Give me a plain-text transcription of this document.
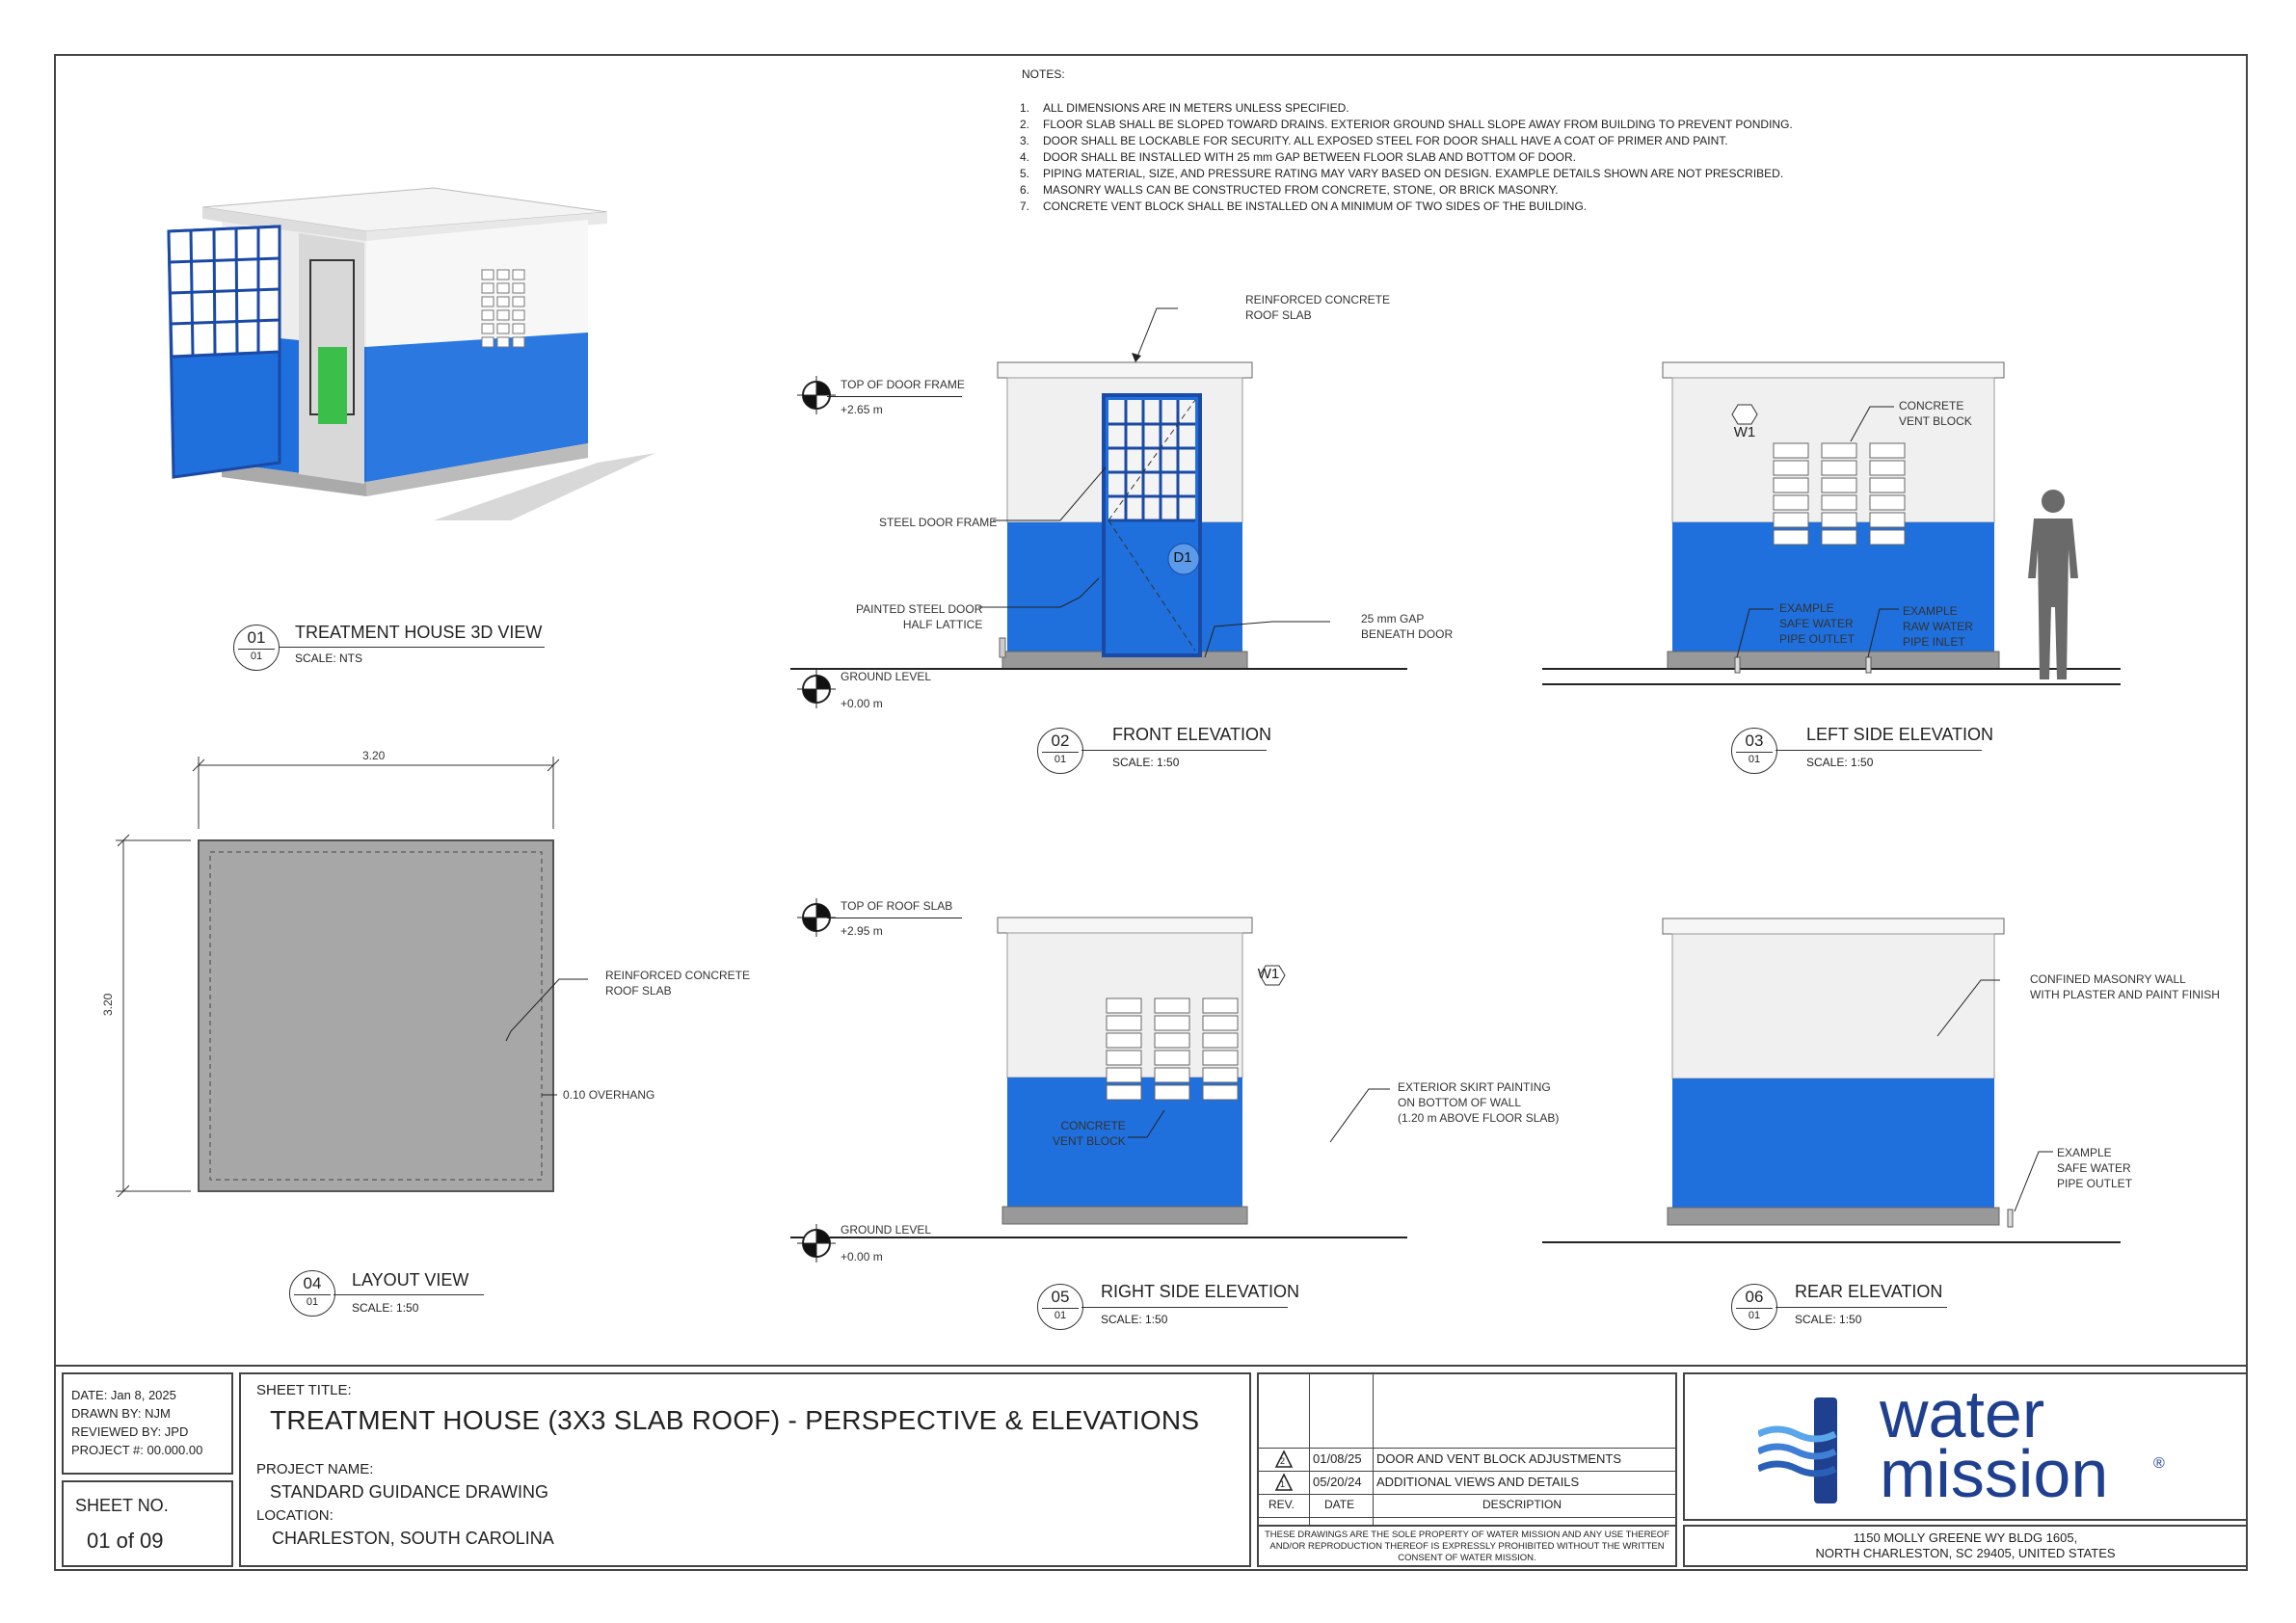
NOTES:
1. ALL DIMENSIONS ARE IN METERS UNLESS SPECIFIED.
2. FLOOR SLAB SHALL BE SLOPED TOWARD DRAINS. EXTERIOR GROUND SHALL SLOPE AWAY FROM BUILDING TO PREVENT PONDING.
3. DOOR SHALL BE LOCKABLE FOR SECURITY. ALL EXPOSED STEEL FOR DOOR SHALL HAVE A COAT OF PRIMER AND PAINT.
4. DOOR SHALL BE INSTALLED WITH 25 mm GAP BETWEEN FLOOR SLAB AND BOTTOM OF DOOR.
5. PIPING MATERIAL, SIZE, AND PRESSURE RATING MAY VARY BASED ON DESIGN. EXAMPLE DETAILS SHOWN ARE NOT PRESCRIBED.
6. MASONRY WALLS CAN BE CONSTRUCTED FROM CONCRETE, STONE, OR BRICK MASONRY.
7. CONCRETE VENT BLOCK SHALL BE INSTALLED ON A MINIMUM OF TWO SIDES OF THE BUILDING.
01
01
TREATMENT HOUSE 3D VIEW
SCALE: NTS
REINFORCED CONCRETE
ROOF SLAB
STEEL DOOR FRAME
PAINTED STEEL DOOR
HALF LATTICE	25 mm GAP
BENEATH DOOR
D1
TOP OF DOOR FRAME
+2.65 m
GROUND LEVEL
+0.00 m
02
01
FRONT ELEVATION
SCALE: 1:50
W1
CONCRETE
VENT BLOCK
EXAMPLE
SAFE WATER
PIPE OUTLET
EXAMPLE
RAW WATER
PIPE INLET
03
01
LEFT SIDE ELEVATION
SCALE: 1:50
3.20
3.20
REINFORCED CONCRETE
ROOF SLAB
0.10 OVERHANG
04
01
LAYOUT VIEW
SCALE: 1:50
W1
CONCRETE
VENT BLOCK
EXTERIOR SKIRT PAINTING
ON BOTTOM OF WALL
(1.20 m ABOVE FLOOR SLAB)
TOP OF ROOF SLAB
+2.95 m
GROUND LEVEL
+0.00 m
05
01
RIGHT SIDE ELEVATION
SCALE: 1:50
CONFINED MASONRY WALL
WITH PLASTER AND PAINT FINISH
EXAMPLE
SAFE WATER
PIPE OUTLET
06
01
REAR ELEVATION
SCALE: 1:50
DATE: Jan 8, 2025
DRAWN BY: NJM
REVIEWED BY: JPD
PROJECT #: 00.000.00
SHEET NO.
01 of 09
SHEET TITLE:
TREATMENT HOUSE (3X3 SLAB ROOF) - PERSPECTIVE & ELEVATIONS
PROJECT NAME:
STANDARD GUIDANCE DRAWING
LOCATION:
CHARLESTON, SOUTH CAROLINA
2 01/08/25 DOOR AND VENT BLOCK ADJUSTMENTS
1 05/20/24 ADDITIONAL VIEWS AND DETAILS
REV.	DATE	DESCRIPTION
THESE DRAWINGS ARE THE SOLE PROPERTY OF WATER MISSION AND ANY USE THEREOF
AND/OR REPRODUCTION THEREOF IS EXPRESSLY PROHIBITED WITHOUT THE WRITTEN
CONSENT OF WATER MISSION.
water
mission	®
1150 MOLLY GREENE WY BLDG 1605,
NORTH CHARLESTON, SC 29405, UNITED STATES
